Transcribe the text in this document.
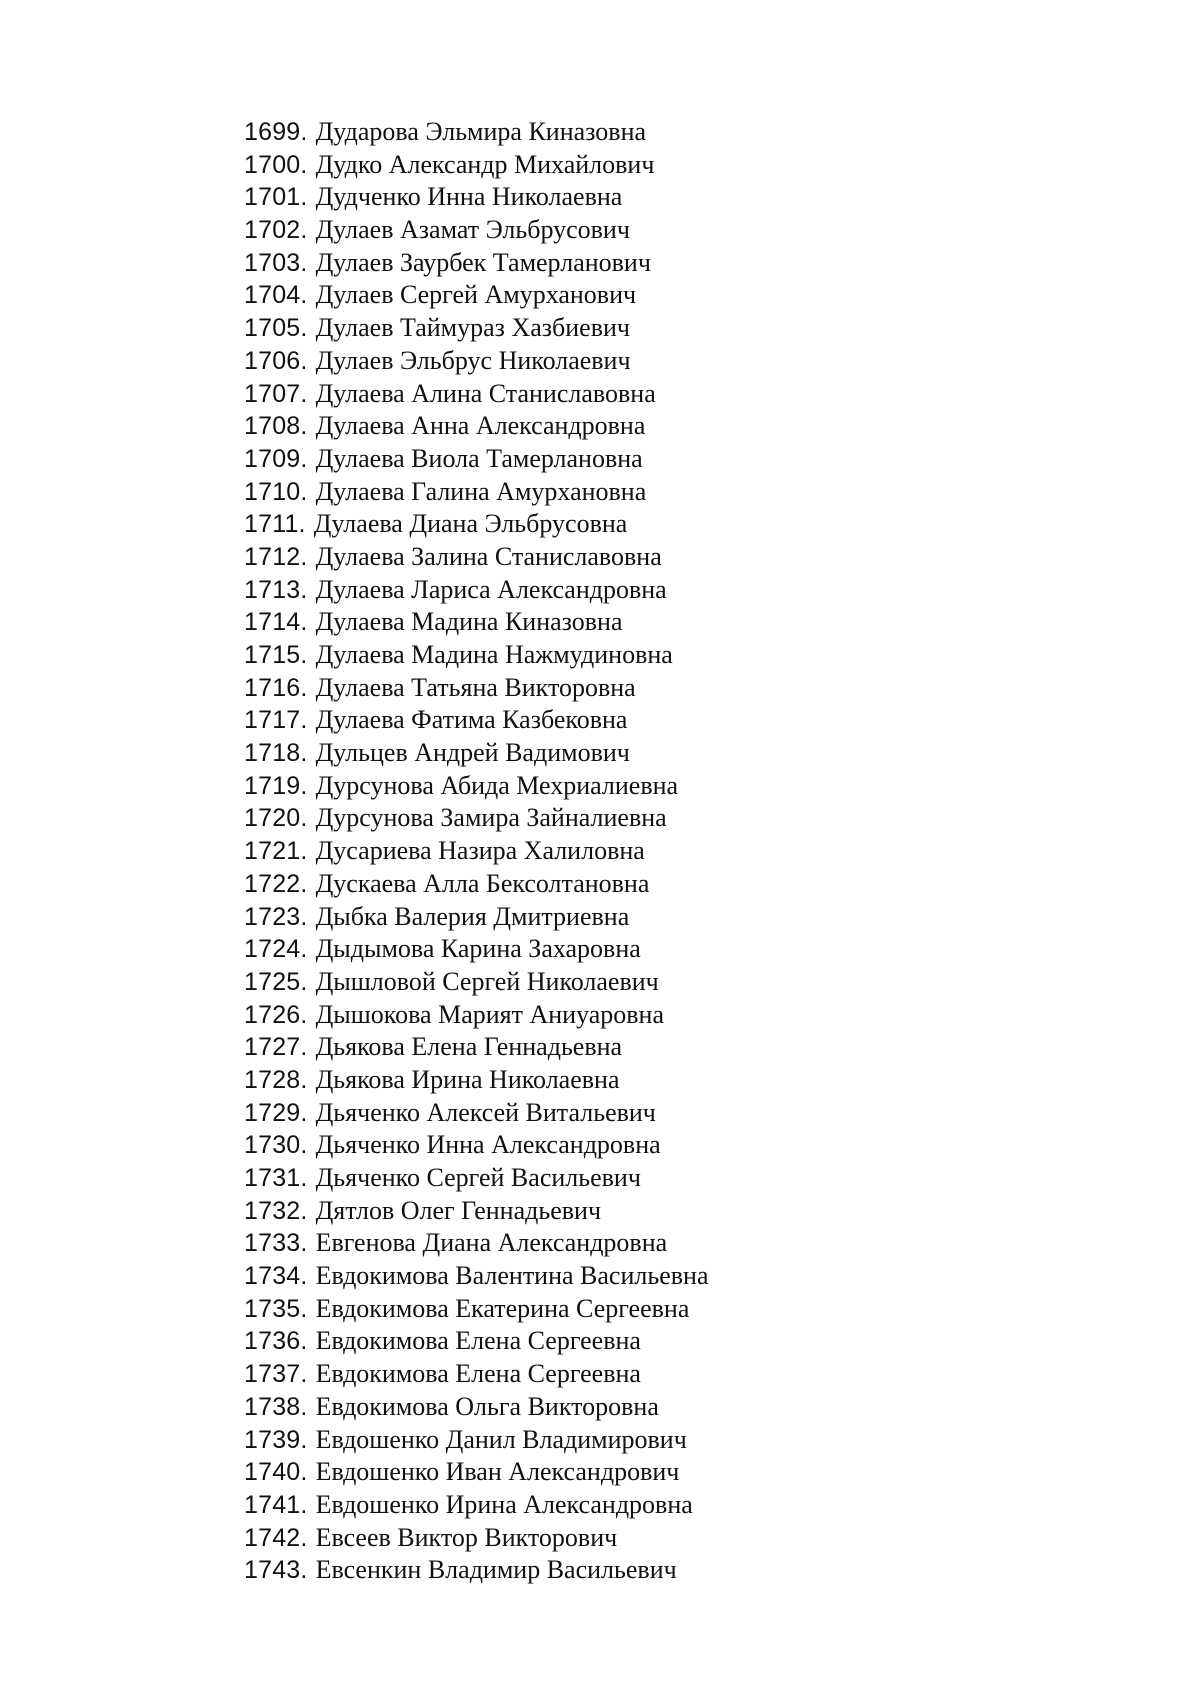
1699. Дударова Эльмира Киназовна
1700. Дудко Александр Михайлович
1701. Дудченко Инна Николаевна
1702. Дулаев Азамат Эльбрусович
1703. Дулаев Заурбек Тамерланович
1704. Дулаев Сергей Амурханович
1705. Дулаев Таймураз Хазбиевич
1706. Дулаев Эльбрус Николаевич
1707. Дулаева Алина Станиславовна
1708. Дулаева Анна Александровна
1709. Дулаева Виола Тамерлановна
1710. Дулаева Галина Амурхановна
1711. Дулаева Диана Эльбрусовна
1712. Дулаева Залина Станиславовна
1713. Дулаева Лариса Александровна
1714. Дулаева Мадина Киназовна
1715. Дулаева Мадина Нажмудиновна
1716. Дулаева Татьяна Викторовна
1717. Дулаева Фатима Казбековна
1718. Дульцев Андрей Вадимович
1719. Дурсунова Абида Мехриалиевна
1720. Дурсунова Замира Зайналиевна
1721. Дусариева Назира Халиловна
1722. Дускаева Алла Бексолтановна
1723. Дыбка Валерия Дмитриевна
1724. Дыдымова Карина Захаровна
1725. Дышловой Сергей Николаевич
1726. Дышокова Марият Аниуаровна
1727. Дьякова Елена Геннадьевна
1728. Дьякова Ирина Николаевна
1729. Дьяченко Алексей Витальевич
1730. Дьяченко Инна Александровна
1731. Дьяченко Сергей Васильевич
1732. Дятлов Олег Геннадьевич
1733. Евгенова Диана Александровна
1734. Евдокимова Валентина Васильевна
1735. Евдокимова Екатерина Сергеевна
1736. Евдокимова Елена Сергеевна
1737. Евдокимова Елена Сергеевна
1738. Евдокимова Ольга Викторовна
1739. Евдошенко Данил Владимирович
1740. Евдошенко Иван Александрович
1741. Евдошенко Ирина Александровна
1742. Евсеев Виктор Викторович
1743. Евсенкин Владимир Васильевич
